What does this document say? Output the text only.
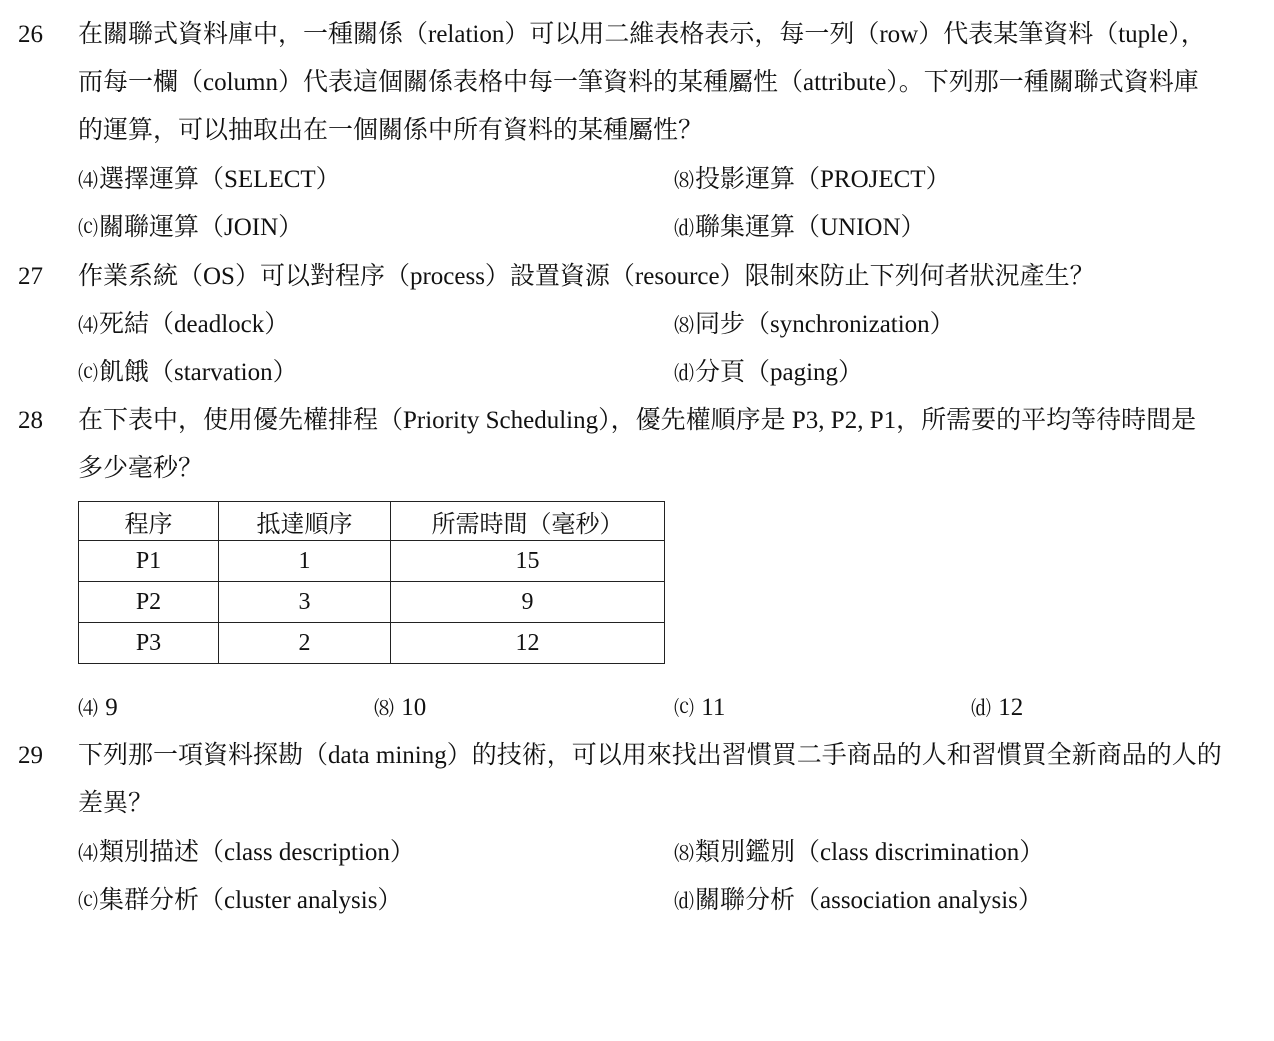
26 在關聯式資料庫中，一種關係（relation）可以用二維表格表示，每一列（row）代表某筆資料（tuple），
而每一欄（column）代表這個關係表格中每一筆資料的某種屬性（attribute）。下列那一種關聯式資料庫
的運算，可以抽取出在一個關係中所有資料的某種屬性？
⑷選擇運算（SELECT）	⑻投影運算（PROJECT）
⒞關聯運算（JOIN）	⒟聯集運算（UNION）
27 作業系統（OS）可以對程序（process）設置資源（resource）限制來防止下列何者狀況產生？
⑷死結（deadlock）	⑻同步（synchronization）
⒞飢餓（starvation）	⒟分頁（paging）
28 在下表中，使用優先權排程（Priority Scheduling），優先權順序是 P3, P2, P1，所需要的平均等待時間是
多少毫秒？
程序	抵達順序	所需時間（毫秒）
P1	1	15
P2	3	9
P3	2	12
⑷ 9	⑻ 10	⒞ 11	⒟ 12
29 下列那一項資料探勘（data mining）的技術，可以用來找出習慣買二手商品的人和習慣買全新商品的人的
差異？
⑷類別描述（class description）	⑻類別鑑別（class discrimination）
⒞集群分析（cluster analysis）	⒟關聯分析（association analysis）
